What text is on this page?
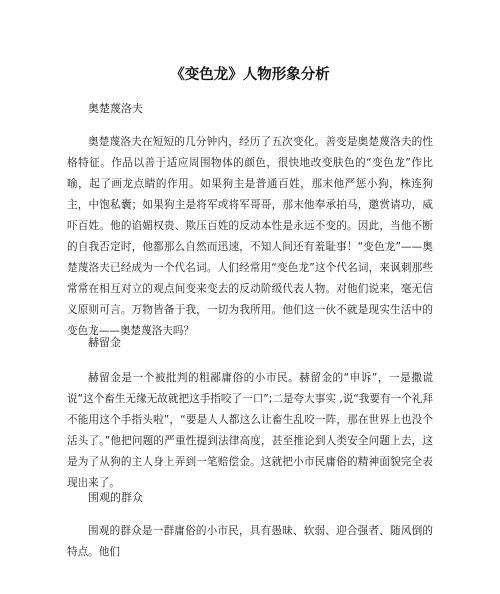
《变色龙》人物形象分析
奥楚蔑洛夫

奥楚蔑洛夫在短短的几分钟内，经历了五次变化。善变是奥楚蔑洛夫的性格特征。作品以善于适应周围物体的颜色，很快地改变肤色的“变色龙”作比喻，起了画龙点睛的作用。如果狗主是普通百姓，那末他严惩小狗，株连狗主，中饱私囊；如果狗主是将军或将军哥哥，那末他奉承拍马，邀赏请功，威吓百姓。他的谄媚权贵、欺压百姓的反动本性是永远不变的。因此，当他不断的自我否定时，他都那么自然而迅速，不知人间还有羞耻事！“变色龙”——奥楚蔑洛夫已经成为一个代名词。人们经常用“变色龙”这个代名词，来讽刺那些常常在相互对立的观点间变来变去的反动阶级代表人物。对他们说来，毫无信义原则可言。万物皆备于我，一切为我所用。他们这一伙不就是现实生活中的变色龙——奥楚蔑洛夫吗？

赫留金

赫留金是一个被批判的粗鄙庸俗的小市民。赫留金的“申诉”，一是撒谎说“这个畜生无缘无故就把这手指咬了一口”;二是夸大事实 ,说“我要有一个礼拜不能用这个手指头啦”，“要是人人都这么让畜生乱咬一阵，那在世界上也没个活头了。”他把问题的严重性提到法律高度，甚至推论到人类安全问题上去，这是为了从狗的主人身上弄到一笔赔偿金。这就把小市民庸俗的精神面貌完全表现出来了。

围观的群众

围观的群众是一群庸俗的小市民，具有愚昧、软弱、迎合强者、随风倒的特点。他们
